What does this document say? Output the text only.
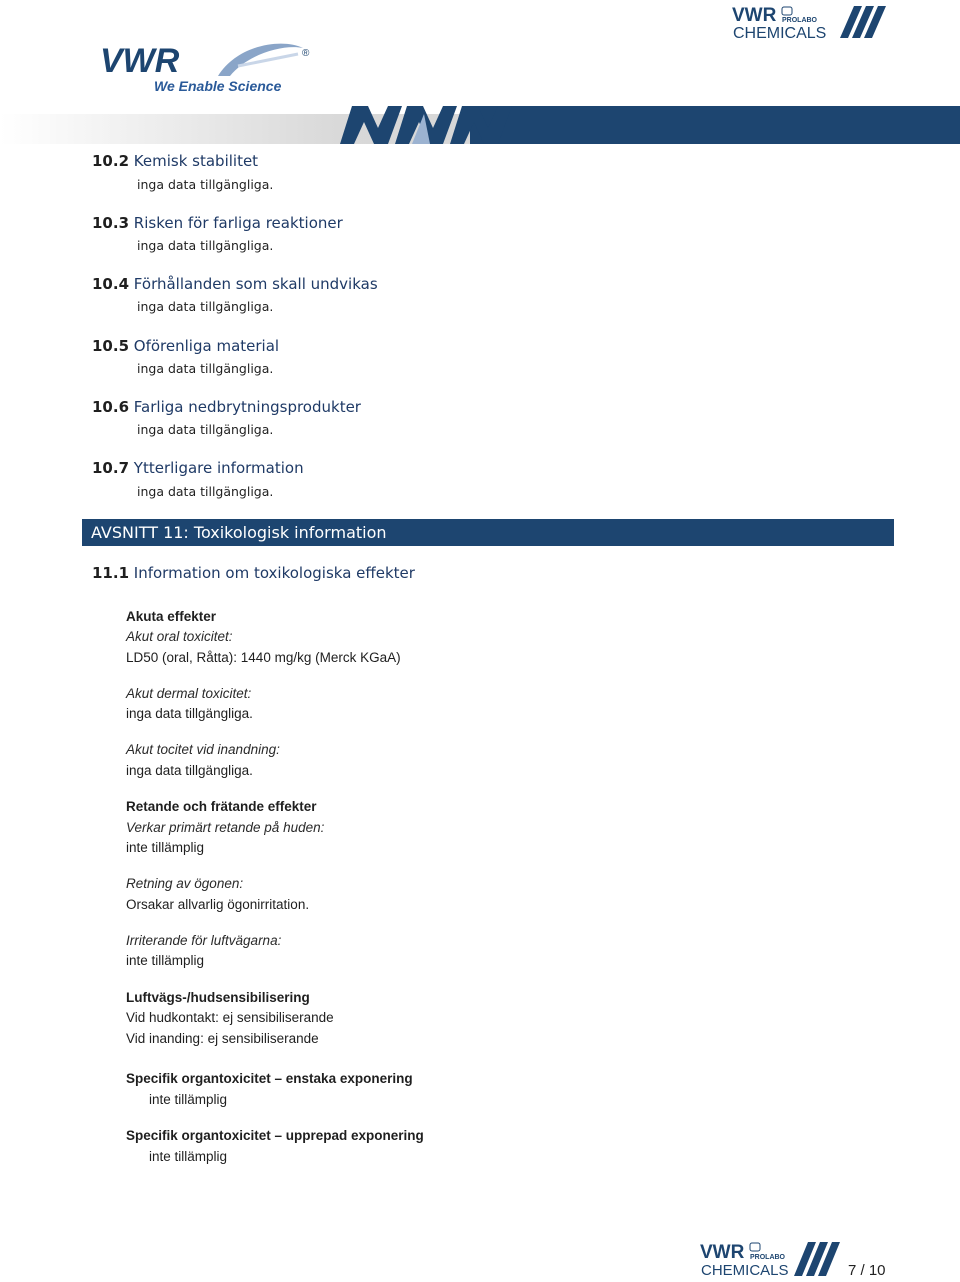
VWR	®
We Enable Science
VWR PROLABO
CHEMICALS
10.2 Kemisk stabilitet
inga data tillgängliga.
10.3 Risken för farliga reaktioner
inga data tillgängliga.
10.4 Förhållanden som skall undvikas
inga data tillgängliga.
10.5 Oförenliga material
inga data tillgängliga.
10.6 Farliga nedbrytningsprodukter
inga data tillgängliga.
10.7 Ytterligare information
inga data tillgängliga.
AVSNITT 11: Toxikologisk information
11.1 Information om toxikologiska effekter
Akuta effekter
Akut oral toxicitet:
LD50 (oral, Råtta): 1440 mg/kg (Merck KGaA)
Akut dermal toxicitet:
inga data tillgängliga.
Akut tocitet vid inandning:
inga data tillgängliga.
Retande och frätande effekter
Verkar primärt retande på huden:
inte tillämplig
Retning av ögonen:
Orsakar allvarlig ögonirritation.
Irriterande för luftvägarna:
inte tillämplig
Luftvägs-/hudsensibilisering
Vid hudkontakt: ej sensibiliserande
Vid inanding: ej sensibiliserande
Specifik organtoxicitet – enstaka exponering
inte tillämplig
Specifik organtoxicitet – upprepad exponering
inte tillämplig
VWR PROLABO
CHEMICALS	7 / 10
